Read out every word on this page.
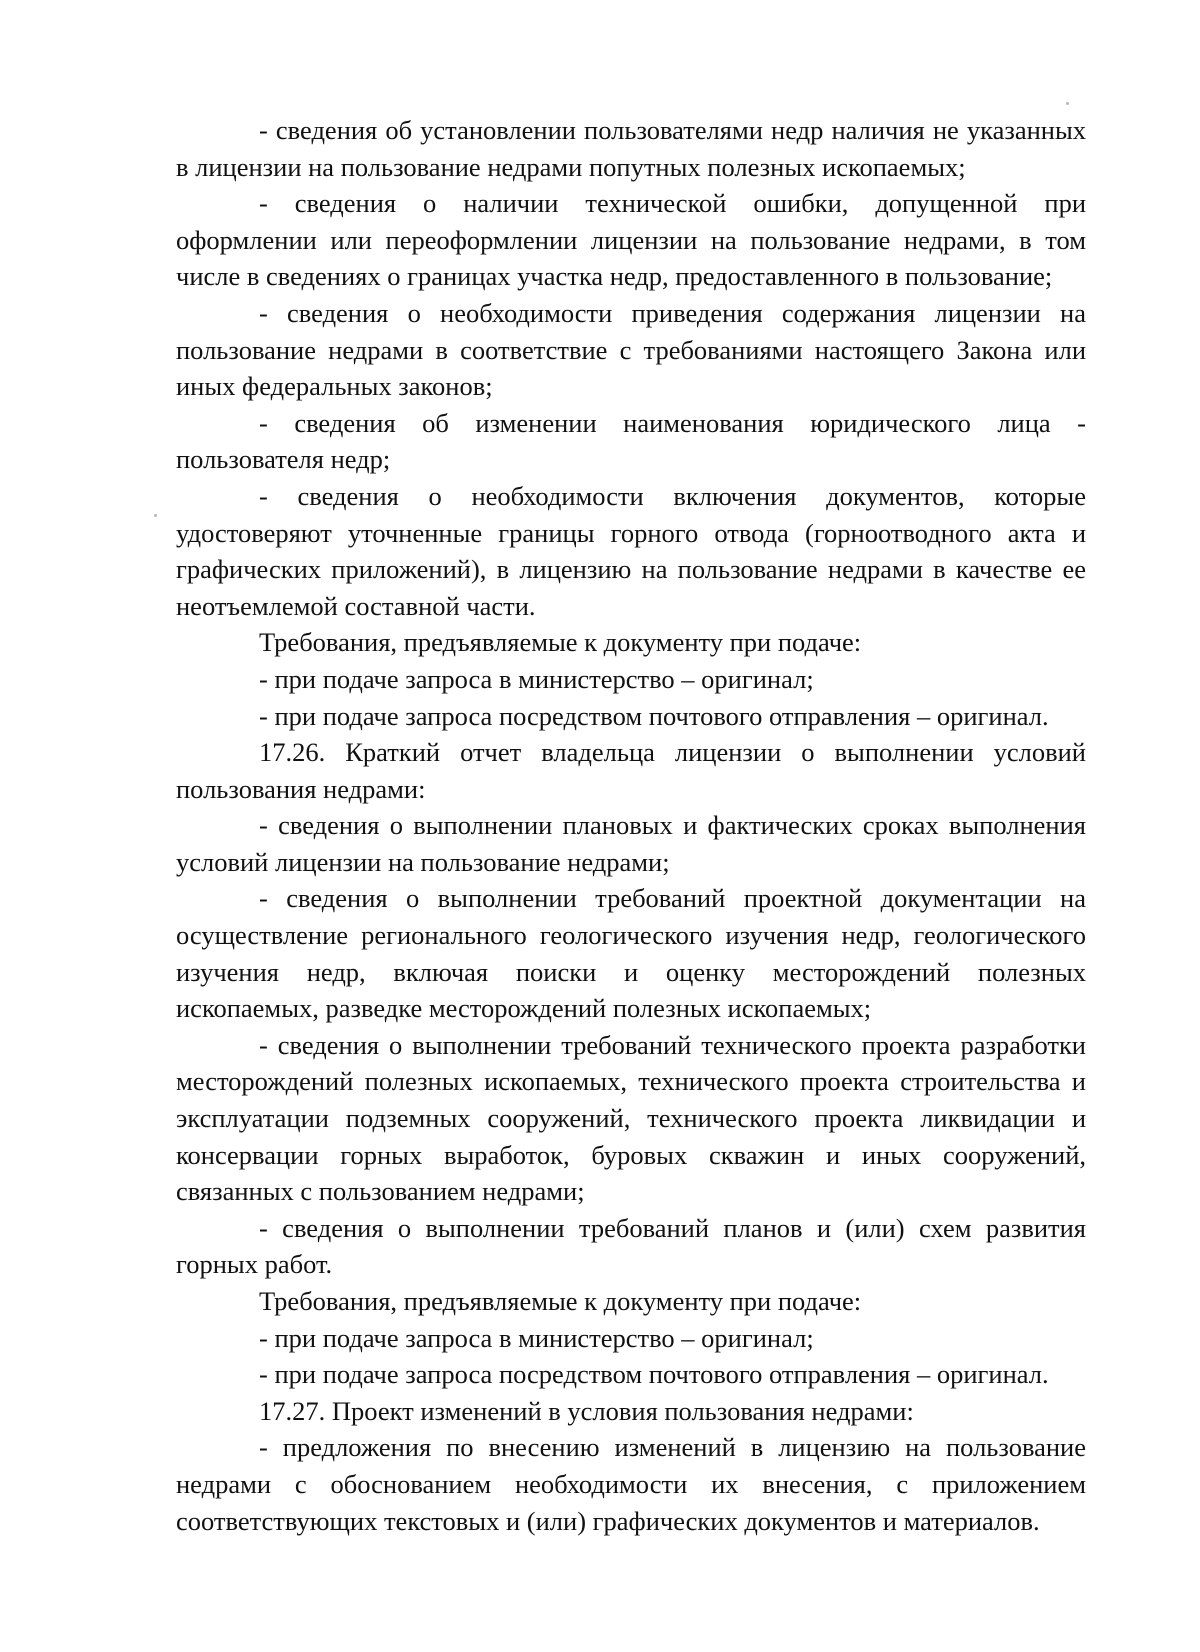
- сведения об установлении пользователями недр наличия не указанных в лицензии на пользование недрами попутных полезных ископаемых;

- сведения о наличии технической ошибки, допущенной при оформлении или переоформлении лицензии на пользование недрами, в том числе в сведениях о границах участка недр, предоставленного в пользование;

- сведения о необходимости приведения содержания лицензии на пользование недрами в соответствие с требованиями настоящего Закона или иных федеральных законов;

- сведения об изменении наименования юридического лица - пользователя недр;

- сведения о необходимости включения документов, которые удостоверяют уточненные границы горного отвода (горноотводного акта и графических приложений), в лицензию на пользование недрами в качестве ее неотъемлемой составной части.

Требования, предъявляемые к документу при подаче:

- при подаче запроса в министерство – оригинал;

- при подаче запроса посредством почтового отправления – оригинал.

17.26. Краткий отчет владельца лицензии о выполнении условий пользования недрами:

- сведения о выполнении плановых и фактических сроках выполнения условий лицензии на пользование недрами;

- сведения о выполнении требований проектной документации на осуществление регионального геологического изучения недр, геологического изучения недр, включая поиски и оценку месторождений полезных ископаемых, разведке месторождений полезных ископаемых;

- сведения о выполнении требований технического проекта разработки месторождений полезных ископаемых, технического проекта строительства и эксплуатации подземных сооружений, технического проекта ликвидации и консервации горных выработок, буровых скважин и иных сооружений, связанных с пользованием недрами;

- сведения о выполнении требований планов и (или) схем развития горных работ.

Требования, предъявляемые к документу при подаче:

- при подаче запроса в министерство – оригинал;

- при подаче запроса посредством почтового отправления – оригинал.

17.27. Проект изменений в условия пользования недрами:

- предложения по внесению изменений в лицензию на пользование недрами с обоснованием необходимости их внесения, с приложением соответствующих текстовых и (или) графических документов и материалов.
